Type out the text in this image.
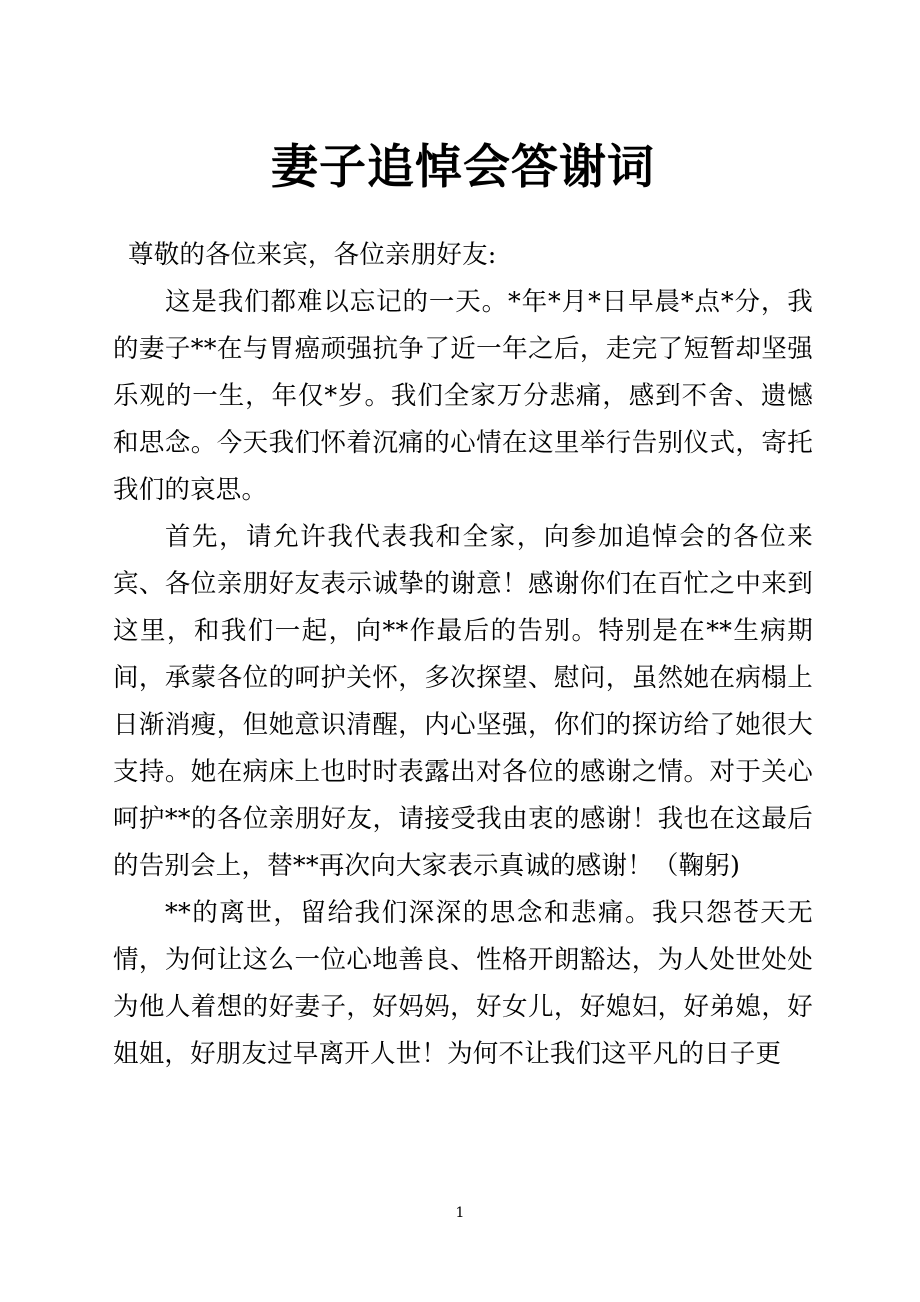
妻子追悼会答谢词

尊敬的各位来宾，各位亲朋好友:

这是我们都难以忘记的一天。*年*月*日早晨*点*分，我的妻子**在与胃癌顽强抗争了近一年之后，走完了短暂却坚强乐观的一生，年仅*岁。我们全家万分悲痛，感到不舍、遗憾和思念。今天我们怀着沉痛的心情在这里举行告别仪式，寄托我们的哀思。

首先，请允许我代表我和全家，向参加追悼会的各位来宾、各位亲朋好友表示诚挚的谢意！感谢你们在百忙之中来到这里，和我们一起，向**作最后的告别。特别是在**生病期间，承蒙各位的呵护关怀，多次探望、慰问，虽然她在病榻上日渐消瘦，但她意识清醒，内心坚强，你们的探访给了她很大支持。她在病床上也时时表露出对各位的感谢之情。对于关心呵护**的各位亲朋好友，请接受我由衷的感谢！我也在这最后的告别会上，替**再次向大家表示真诚的感谢！（鞠躬)

**的离世，留给我们深深的思念和悲痛。我只怨苍天无情，为何让这么一位心地善良、性格开朗豁达，为人处世处处为他人着想的好妻子，好妈妈，好女儿，好媳妇，好弟媳，好姐姐，好朋友过早离开人世！为何不让我们这平凡的日子更

1
